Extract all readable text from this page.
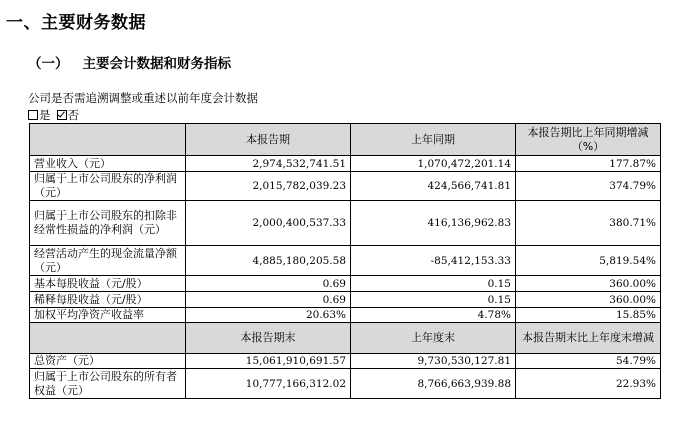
一、主要财务数据
（一） 主要会计数据和财务指标
公司是否需追溯调整或重述以前年度会计数据
是 否
	本报告期	上年同期	本报告期比上年同期增减（%）
营业收入（元）	2,974,532,741.51	1,070,472,201.14	177.87%
归属于上市公司股东的净利润（元）	2,015,782,039.23	424,566,741.81	374.79%
归属于上市公司股东的扣除非经常性损益的净利润（元）	2,000,400,537.33	416,136,962.83	380.71%
经营活动产生的现金流量净额（元）	4,885,180,205.58	-85,412,153.33	5,819.54%
基本每股收益（元/股）	0.69	0.15	360.00%
稀释每股收益（元/股）	0.69	0.15	360.00%
加权平均净资产收益率	20.63%	4.78%	15.85%
	本报告期末	上年度末	本报告期末比上年度末增减
总资产（元）	15,061,910,691.57	9,730,530,127.81	54.79%
归属于上市公司股东的所有者权益（元）	10,777,166,312.02	8,766,663,939.88	22.93%
